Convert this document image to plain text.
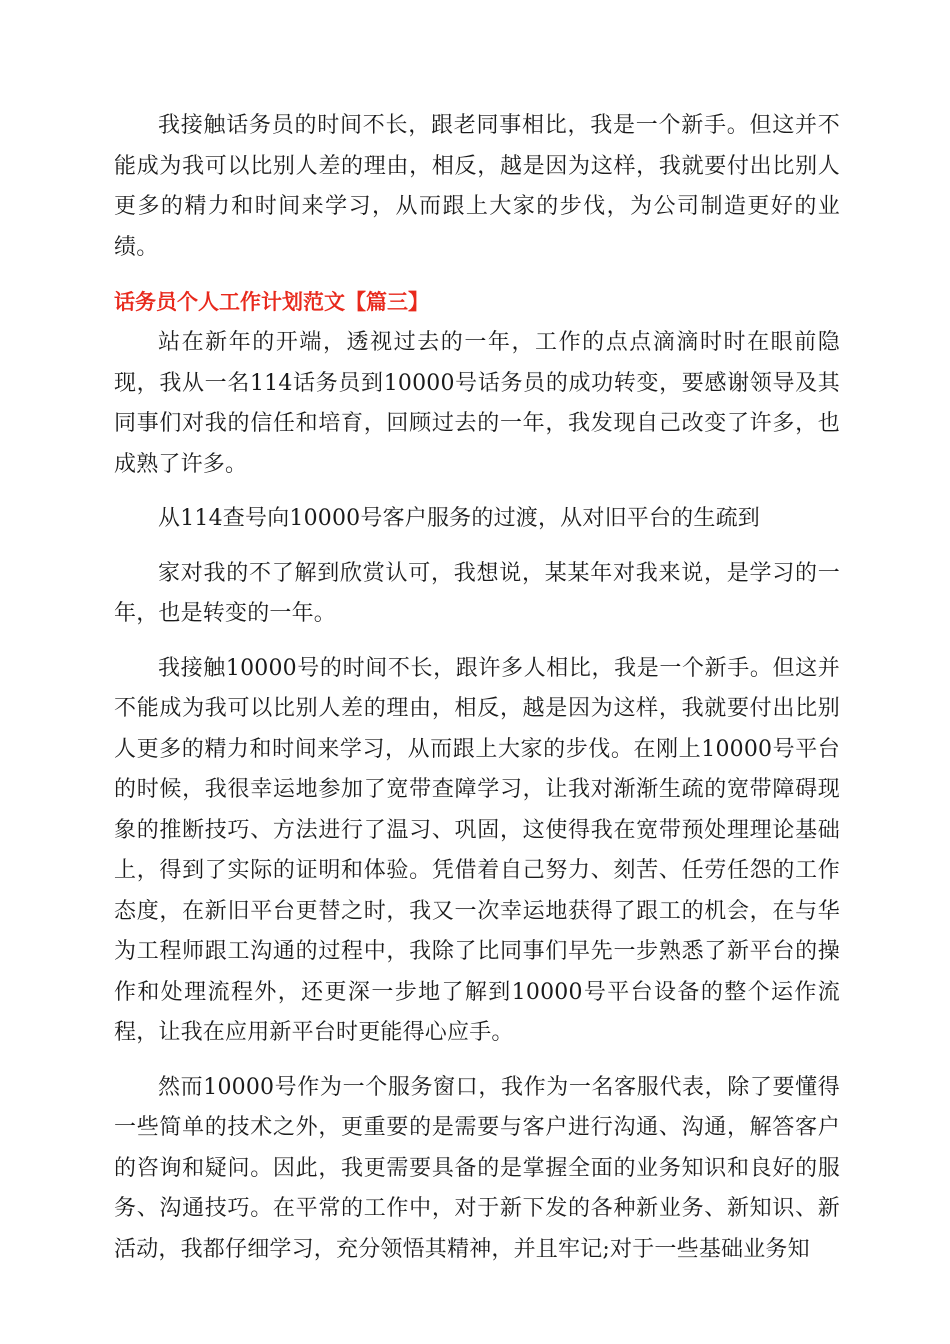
我接触话务员的时间不长，跟老同事相比，我是一个新手。但这并不能成为我可以比别人差的理由，相反，越是因为这样，我就要付出比别人更多的精力和时间来学习，从而跟上大家的步伐，为公司制造更好的业绩。

话务员个人工作计划范文【篇三】

站在新年的开端，透视过去的一年，工作的点点滴滴时时在眼前隐现，我从一名114话务员到10000号话务员的成功转变，要感谢领导及其同事们对我的信任和培育，回顾过去的一年，我发现自己改变了许多，也成熟了许多。

从114查号向10000号客户服务的过渡，从对旧平台的生疏到

家对我的不了解到欣赏认可，我想说，某某年对我来说，是学习的一年，也是转变的一年。

我接触10000号的时间不长，跟许多人相比，我是一个新手。但这并不能成为我可以比别人差的理由，相反，越是因为这样，我就要付出比别人更多的精力和时间来学习，从而跟上大家的步伐。在刚上10000号平台的时候，我很幸运地参加了宽带查障学习，让我对渐渐生疏的宽带障碍现象的推断技巧、方法进行了温习、巩固，这使得我在宽带预处理理论基础上，得到了实际的证明和体验。凭借着自己努力、刻苦、任劳任怨的工作态度，在新旧平台更替之时，我又一次幸运地获得了跟工的机会，在与华为工程师跟工沟通的过程中，我除了比同事们早先一步熟悉了新平台的操作和处理流程外，还更深一步地了解到10000号平台设备的整个运作流程，让我在应用新平台时更能得心应手。

然而10000号作为一个服务窗口，我作为一名客服代表，除了要懂得一些简单的技术之外，更重要的是需要与客户进行沟通、沟通，解答客户的咨询和疑问。因此，我更需要具备的是掌握全面的业务知识和良好的服务、沟通技巧。在平常的工作中，对于新下发的各种新业务、新知识、新活动，我都仔细学习，充分领悟其精神，并且牢记;对于一些基础业务知
